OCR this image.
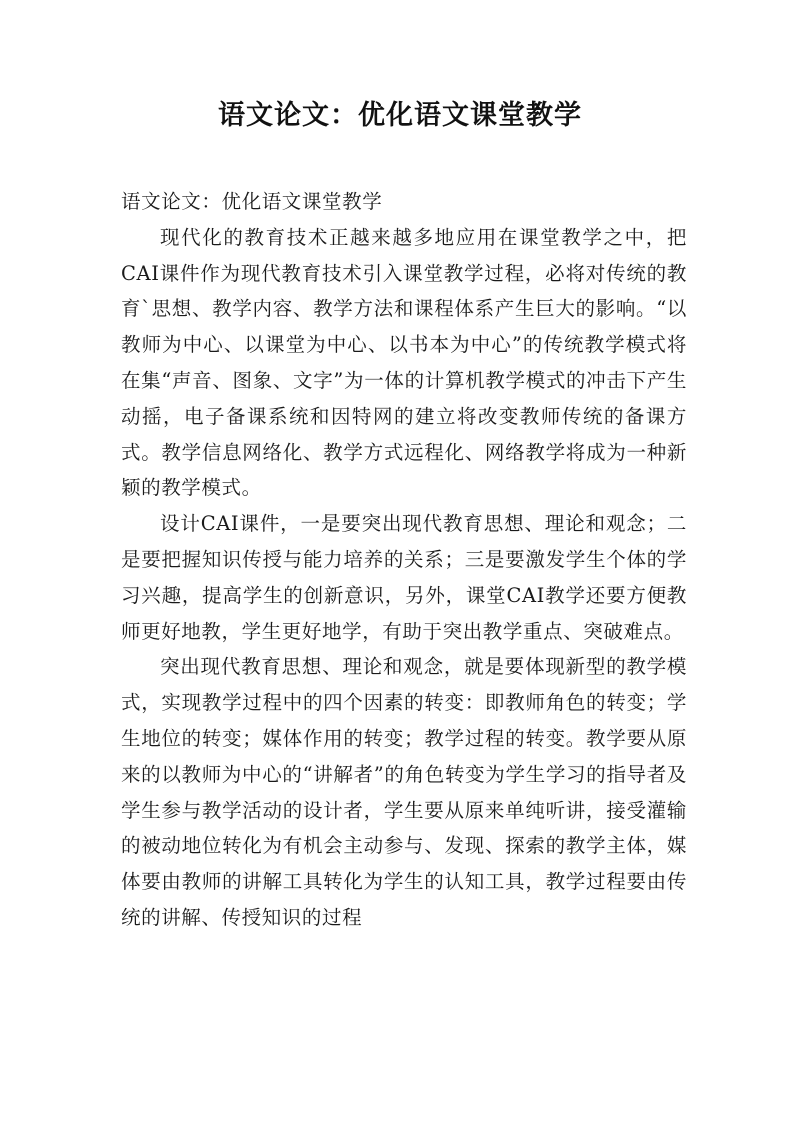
语文论文：优化语文课堂教学

语文论文：优化语文课堂教学

现代化的教育技术正越来越多地应用在课堂教学之中，把CAI课件作为现代教育技术引入课堂教学过程，必将对传统的教育`思想、教学内容、教学方法和课程体系产生巨大的影响。“以教师为中心、以课堂为中心、以书本为中心”的传统教学模式将在集“声音、图象、文字”为一体的计算机教学模式的冲击下产生动摇，电子备课系统和因特网的建立将改变教师传统的备课方式。教学信息网络化、教学方式远程化、网络教学将成为一种新颖的教学模式。

设计CAI课件，一是要突出现代教育思想、理论和观念；二是要把握知识传授与能力培养的关系；三是要激发学生个体的学习兴趣，提高学生的创新意识，另外，课堂CAI教学还要方便教师更好地教，学生更好地学，有助于突出教学重点、突破难点。

突出现代教育思想、理论和观念，就是要体现新型的教学模式，实现教学过程中的四个因素的转变：即教师角色的转变；学生地位的转变；媒体作用的转变；教学过程的转变。教学要从原来的以教师为中心的“讲解者”的角色转变为学生学习的指导者及学生参与教学活动的设计者，学生要从原来单纯听讲，接受灌输的被动地位转化为有机会主动参与、发现、探索的教学主体，媒体要由教师的讲解工具转化为学生的认知工具，教学过程要由传统的讲解、传授知识的过程
